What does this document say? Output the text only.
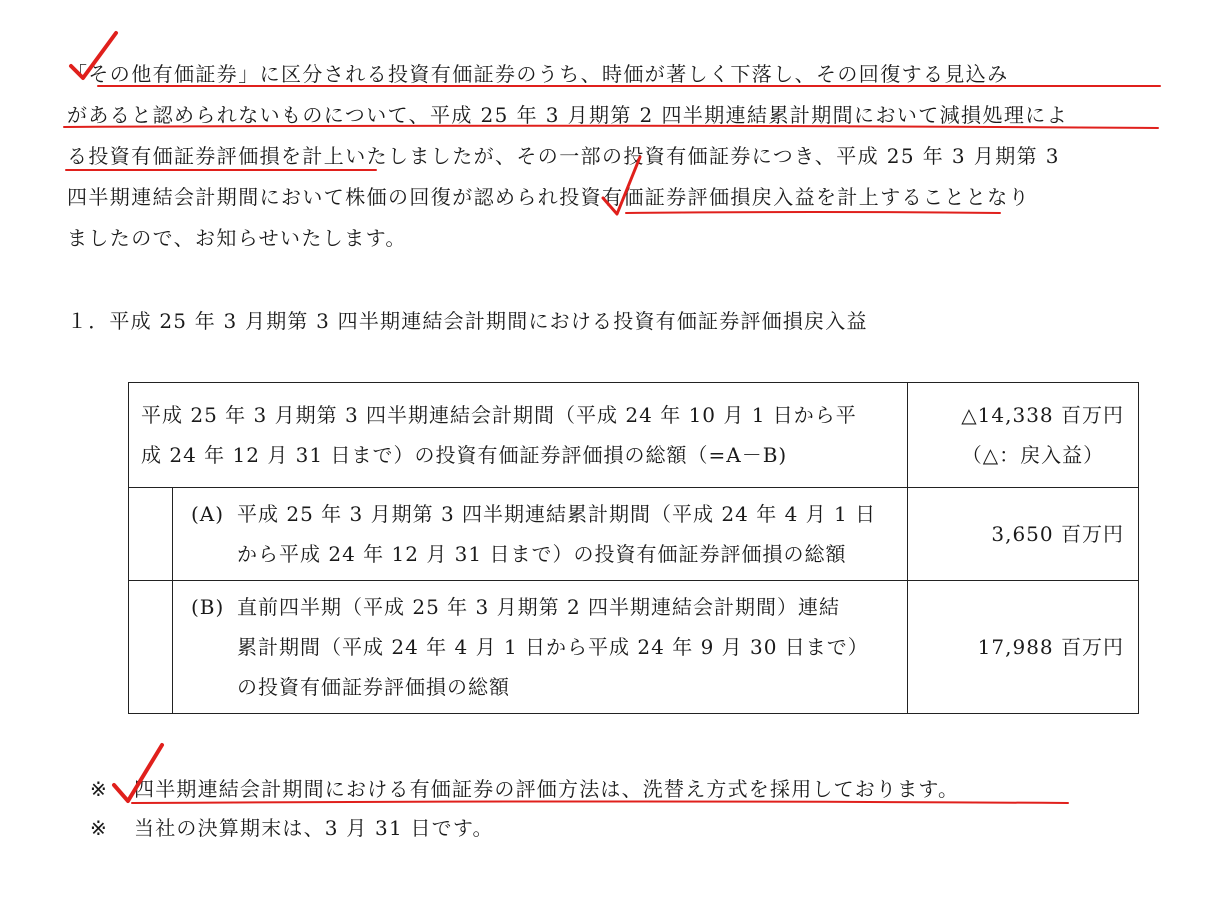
「その他有価証券」に区分される投資有価証券のうち、時価が著しく下落し、その回復する見込み
があると認められないものについて、平成 25 年 3 月期第 2 四半期連結累計期間において減損処理によ
る投資有価証券評価損を計上いたしましたが、その一部の投資有価証券につき、平成 25 年 3 月期第 3
四半期連結会計期間において株価の回復が認められ投資有価証券評価損戻入益を計上することとなり
ましたので、お知らせいたします。
１．平成 25 年 3 月期第 3 四半期連結会計期間における投資有価証券評価損戻入益
平成 25 年 3 月期第 3 四半期連結会計期間（平成 24 年 10 月 1 日から平
成 24 年 12 月 31 日まで）の投資有価証券評価損の総額（=A－B)		△14,338 百万円

（△：戻入益）

	(A) 平成 25 年 3 月期第 3 四半期連結累計期間（平成 24 年 4 月 1 日
から平成 24 年 12 月 31 日まで）の投資有価証券評価損の総額	3,650 百万円

	(B) 直前四半期（平成 25 年 3 月期第 2 四半期連結会計期間）連結
累計期間（平成 24 年 4 月 1 日から平成 24 年 9 月 30 日まで）
の投資有価証券評価損の総額	17,988 百万円
※	四半期連結会計期間における有価証券の評価方法は、洗替え方式を採用しております。
※	当社の決算期末は、3 月 31 日です。
